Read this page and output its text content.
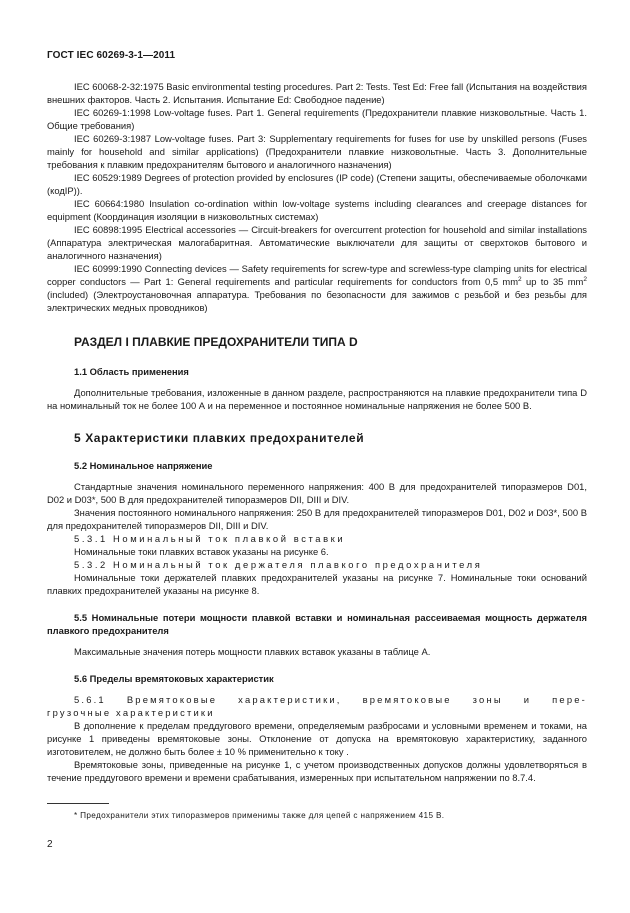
ГОСТ IEC 60269-3-1—2011

IEC 60068-2-32:1975 Basic environmental testing procedures. Part 2: Tests. Test Ed: Free fall (Испытания на воздействия внешних факторов. Часть 2. Испытания. Испытание Ed: Свободное падение)

IEC 60269-1:1998 Low-voltage fuses. Part 1. General requirements (Предохранители плавкие низковольтные. Часть 1. Общие требования)

IEC 60269-3:1987 Low-voltage fuses. Part 3: Supplementary requirements for fuses for use by unskilled persons (Fuses mainly for household and similar applications) (Предохранители плавкие низковольтные. Часть 3. Дополнительные требования к плавким предохранителям бытового и аналогичного назначения)

IEC 60529:1989 Degrees of protection provided by enclosures (IP code) (Степени защиты, обеспечиваемые оболочками (кодIP)).

IEC 60664:1980 Insulation co-ordination within low-voltage systems including clearances and creepage distances for equipment (Координация изоляции в низковольтных системах)

IEC 60898:1995 Electrical accessories — Circuit-breakers for overcurrent protection for household and similar installations (Аппаратура электрическая малогабаритная. Автоматические выключатели для защиты от сверхтоков бытового и аналогичного назначения)

IEC 60999:1990 Connecting devices — Safety requirements for screw-type and screwless-type clamping units for electrical copper conductors — Part 1: General requirements and particular requirements for conductors from 0,5 $mm^2$ up to 35 $mm^2$ (included) (Электроустановочная аппаратура. Требования по безопасности для зажимов с резьбой и без резьбы для электрических медных проводников)

РАЗДЕЛ I ПЛАВКИЕ ПРЕДОХРАНИТЕЛИ ТИПА D
1.1 Область применения

Дополнительные требования, изложенные в данном разделе, распространяются на плавкие предохранители типа D на номинальный ток не более 100 А и на переменное и постоянное номинальные напряжения не более 500 В.

5 Характеристики плавких предохранителей
5.2 Номинальное напряжение

Стандартные значения номинального переменного напряжения: 400 В для предохранителей типоразмеров D01, D02 и D03*, 500 В для предохранителей типоразмеров DII, DIII и DIV.

Значения постоянного номинального напряжения: 250 В для предохранителей типоразмеров D01, D02 и D03*, 500 В для предохранителей типоразмеров DII, DIII и DIV.

5.3.1 Номинальный ток плавкой вставки

Номинальные токи плавких вставок указаны на рисунке 6.

5.3.2 Номинальный ток держателя плавкого предохранителя

Номинальные токи держателей плавких предохранителей указаны на рисунке 7. Номинальные токи оснований плавких предохранителей указаны на рисунке 8.

5.5 Номинальные потери мощности плавкой вставки и номинальная рассеиваемая мощность держателя плавкого предохранителя

Максимальные значения потерь мощности плавких вставок указаны в таблице А.

5.6 Пределы времятоковых характеристик

5.6.1 Времятоковые характеристики, времятоковые зоны и пере-

грузочные характеристики

В дополнение к пределам преддугового времени, определяемым разбросами и условными временем и токами, на рисунке 1 приведены времятоковые зоны. Отклонение от допуска на времятоковую характеристику, заданного изготовителем, не должно быть более ± 10 % применительно к току .

Времятоковые зоны, приведенные на рисунке 1, с учетом производственных допусков должны удовлетворяться в течение преддугового времени и времени срабатывания, измеренных при испытательном напряжении по 8.7.4.

* Предохранители этих типоразмеров применимы также для цепей с напряжением 415 В.
2
